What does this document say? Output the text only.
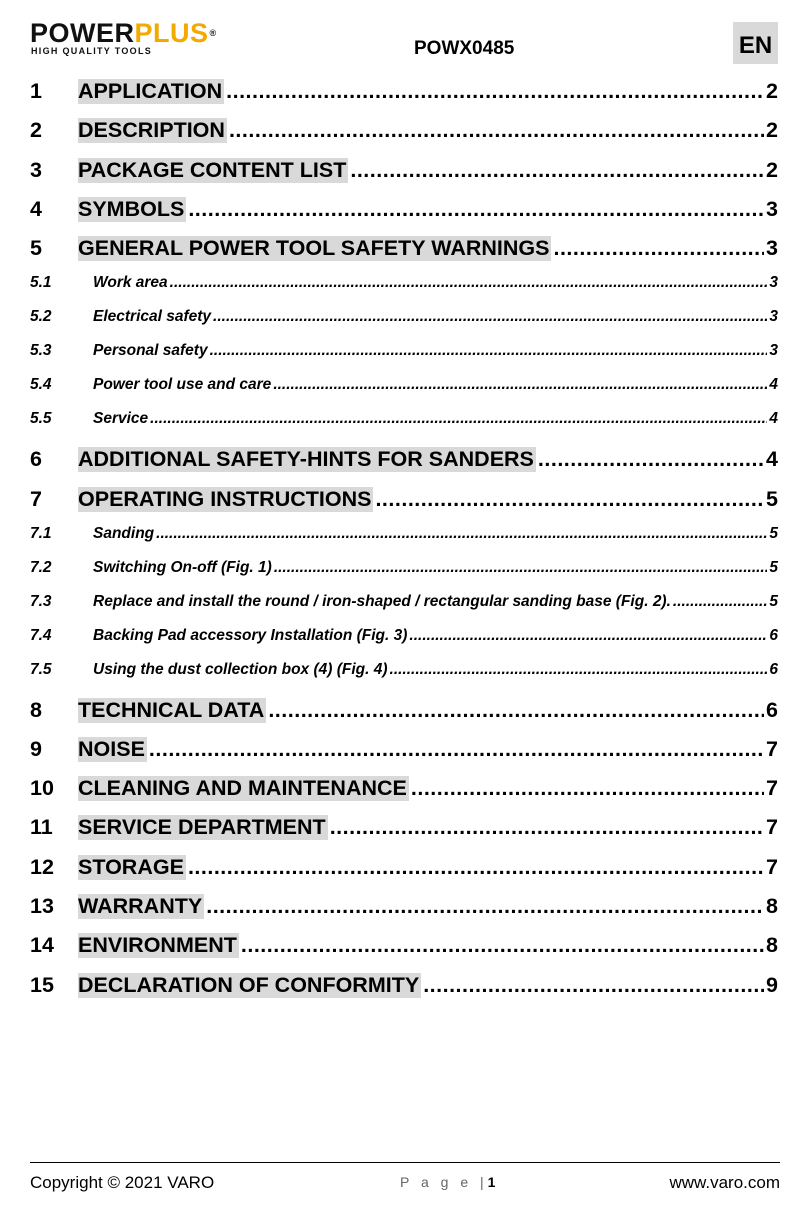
POWERPLUS®
HIGH QUALITY TOOLS	POWX0485	EN
1	APPLICATION .....	2
2	DESCRIPTION .....	2
3	PACKAGE CONTENT LIST .....	2
4	SYMBOLS .....	3
5	GENERAL POWER TOOL SAFETY WARNINGS .....	3
5.1	Work area .....	3
5.2	Electrical safety .....	3
5.3	Personal safety .....	3
5.4	Power tool use and care .....	4
5.5	Service .....	4
6	ADDITIONAL SAFETY-HINTS FOR SANDERS .....	4
7	OPERATING INSTRUCTIONS .....	5
7.1	Sanding .....	5
7.2	Switching On-off (Fig. 1) .....	5
7.3	Replace and install the round / iron-shaped / rectangular sanding base (Fig. 2). .....	5
7.4	Backing Pad accessory Installation (Fig. 3) .....	6
7.5	Using the dust collection box (4) (Fig. 4) .....	6
8	TECHNICAL DATA .....	6
9	NOISE .....	7
10	CLEANING AND MAINTENANCE .....	7
11	SERVICE DEPARTMENT .....	7
12	STORAGE .....	7
13	WARRANTY .....	8
14	ENVIRONMENT .....	8
15	DECLARATION OF CONFORMITY .....	9
Copyright © 2021 VARO	P a g e |1	www.varo.com
